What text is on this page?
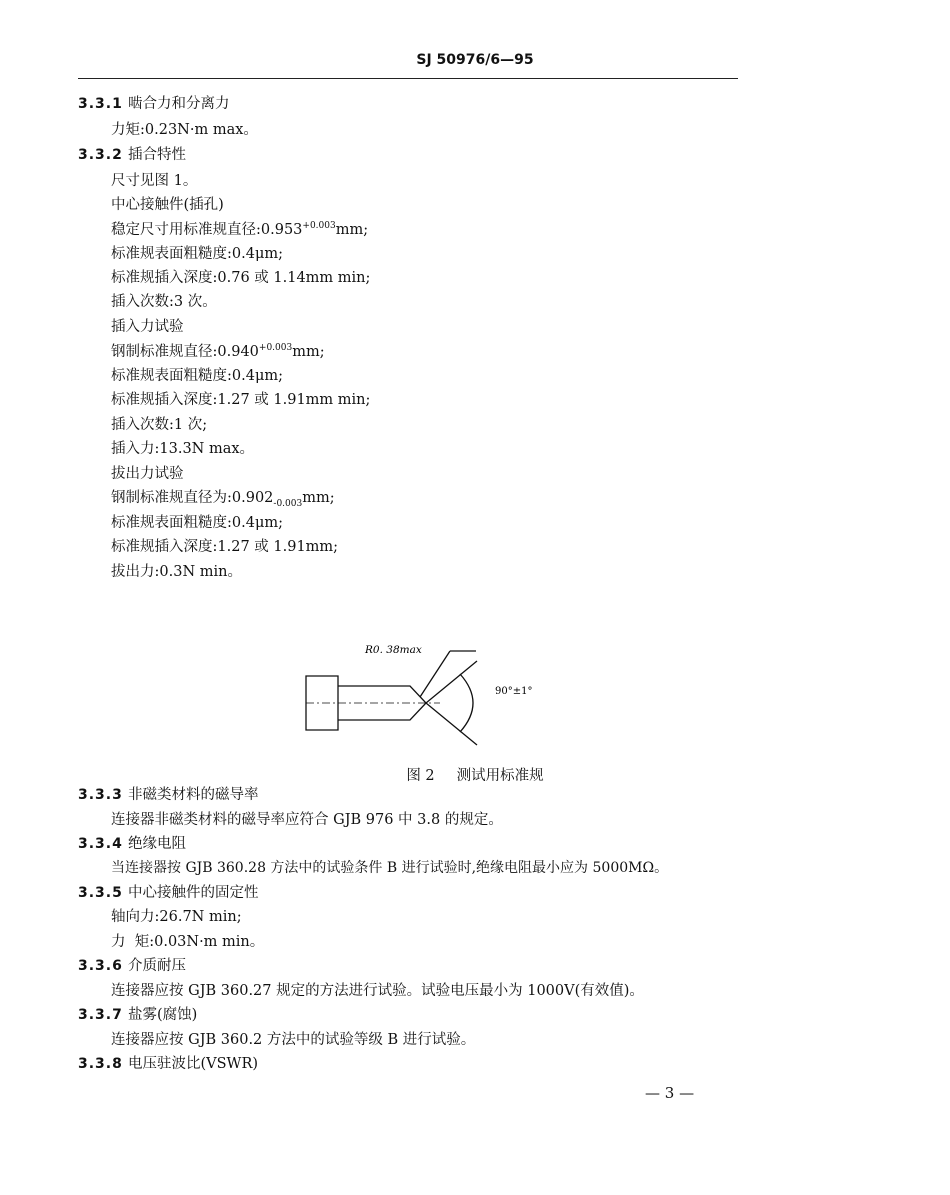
SJ 50976/6—95
3.3.1 啮合力和分离力
力矩:0.23N·m max。
3.3.2 插合特性
尺寸见图 1。
中心接触件(插孔)
稳定尺寸用标准规直径$:0.953^{+0.003}mm$;
标准规表面粗糙度:0.4μm;
标准规插入深度:0.76 或 1.14mm min;
插入次数:3 次。
插入力试验
钢制标准规直径$:0.940^{+0.003}mm$;
标准规表面粗糙度:0.4μm;
标准规插入深度:1.27 或 1.91mm min;
插入次数:1 次;
插入力:13.3N max。
拔出力试验
钢制标准规直径为$:0.902_{-0.003}mm$;
标准规表面粗糙度:0.4μm;
标准规插入深度:1.27 或 1.91mm;
拔出力:0.3N min。
R0. 38max
90°±1°
图 2 测试用标准规
3.3.3 非磁类材料的磁导率
连接器非磁类材料的磁导率应符合 GJB 976 中 3.8 的规定。
3.3.4 绝缘电阻
当连接器按 GJB 360.28 方法中的试验条件 B 进行试验时,绝缘电阻最小应为 5000MΩ。
3.3.5 中心接触件的固定性
轴向力:26.7N min;
力  矩:0.03N·m min。
3.3.6 介质耐压
连接器应按 GJB 360.27 规定的方法进行试验。试验电压最小为 1000V(有效值)。
3.3.7 盐雾(腐蚀)
连接器应按 GJB 360.2 方法中的试验等级 B 进行试验。
3.3.8 电压驻波比(VSWR)
— 3 —
